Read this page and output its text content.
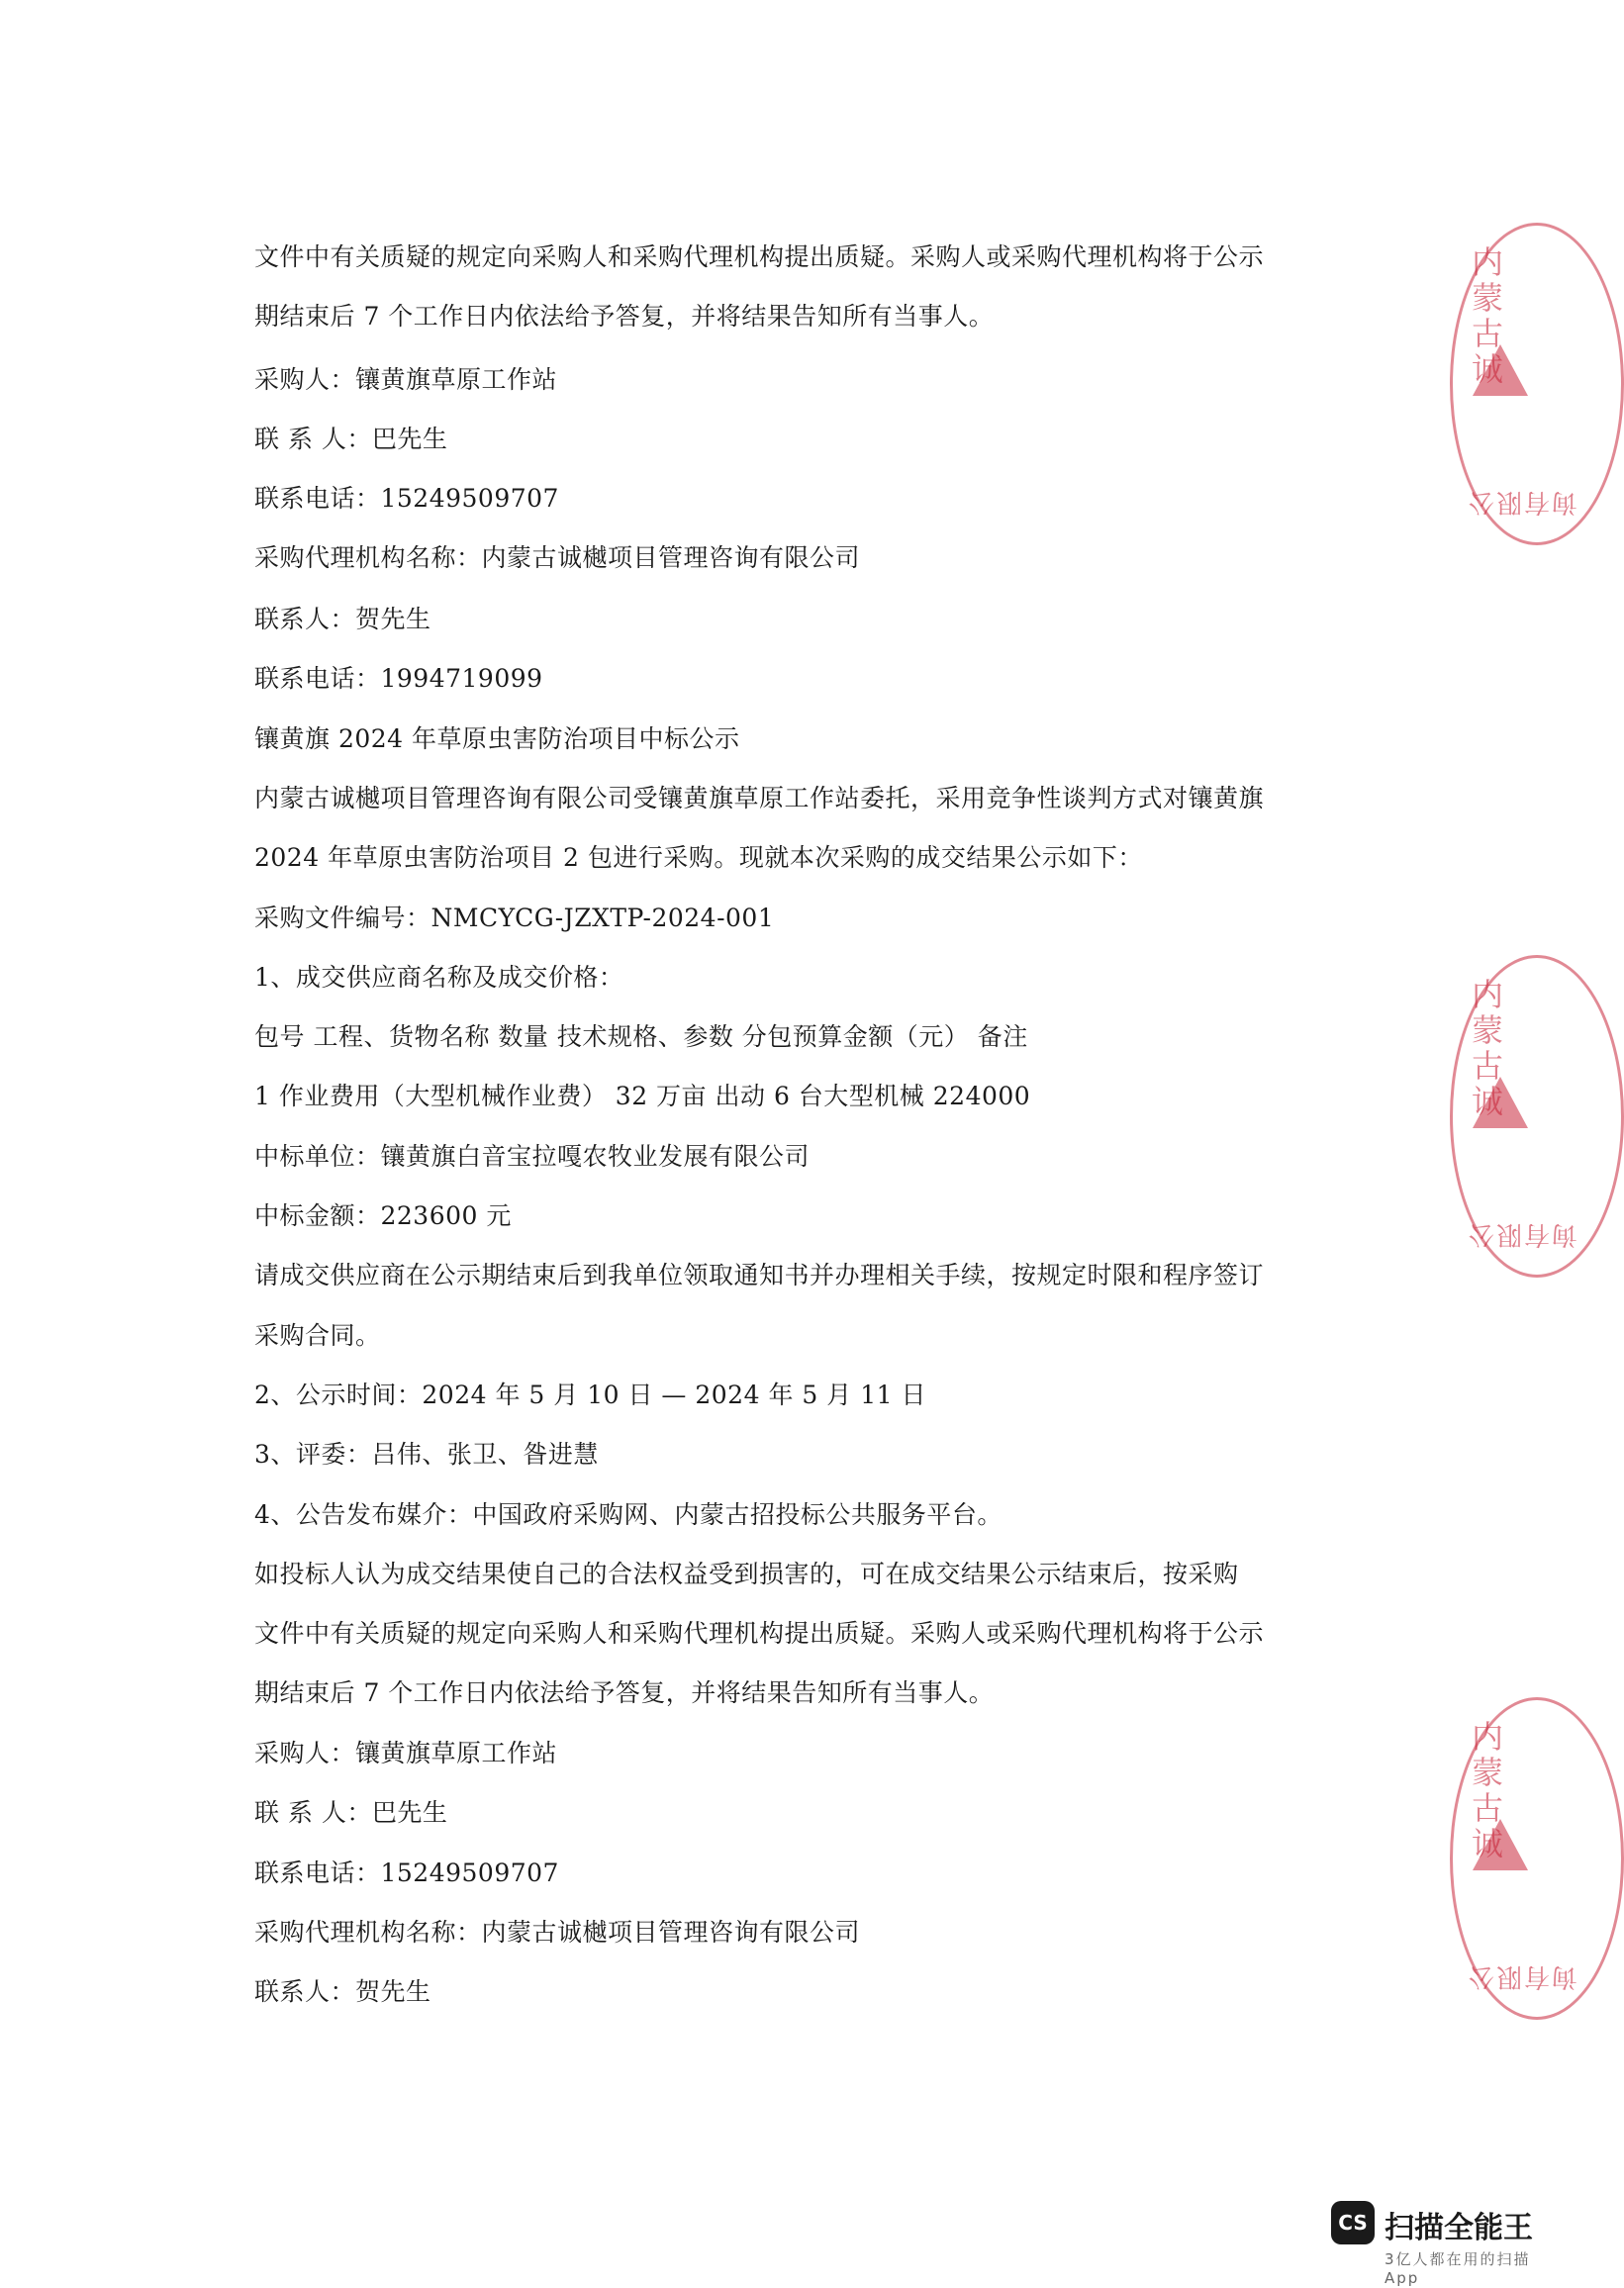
文件中有关质疑的规定向采购人和采购代理机构提出质疑。采购人或采购代理机构将于公示
期结束后 7 个工作日内依法给予答复，并将结果告知所有当事人。
采购人：镶黄旗草原工作站
联 系 人：巴先生
联系电话：15249509707
采购代理机构名称：内蒙古诚樾项目管理咨询有限公司
联系人：贺先生
联系电话：1994719099
镶黄旗 2024 年草原虫害防治项目中标公示
内蒙古诚樾项目管理咨询有限公司受镶黄旗草原工作站委托，采用竞争性谈判方式对镶黄旗
2024 年草原虫害防治项目 2 包进行采购。现就本次采购的成交结果公示如下：
采购文件编号：NMCYCG-JZXTP-2024-001
1、成交供应商名称及成交价格：
包号 工程、货物名称 数量 技术规格、参数 分包预算金额（元） 备注
1 作业费用（大型机械作业费） 32 万亩 出动 6 台大型机械 224000
中标单位：镶黄旗白音宝拉嘎农牧业发展有限公司
中标金额：223600 元
请成交供应商在公示期结束后到我单位领取通知书并办理相关手续，按规定时限和程序签订
采购合同。
2、公示时间：2024 年 5 月 10 日 — 2024 年 5 月 11 日
3、评委：吕伟、张卫、昝进慧
4、公告发布媒介：中国政府采购网、内蒙古招投标公共服务平台。
如投标人认为成交结果使自己的合法权益受到损害的，可在成交结果公示结束后，按采购
文件中有关质疑的规定向采购人和采购代理机构提出质疑。采购人或采购代理机构将于公示
期结束后 7 个工作日内依法给予答复，并将结果告知所有当事人。
采购人：镶黄旗草原工作站
联 系 人：巴先生
联系电话：15249509707
采购代理机构名称：内蒙古诚樾项目管理咨询有限公司
联系人：贺先生
内蒙古诚
询有限公
内蒙古诚
询有限公
内蒙古诚
询有限公
CS 扫描全能王
3亿人都在用的扫描App
